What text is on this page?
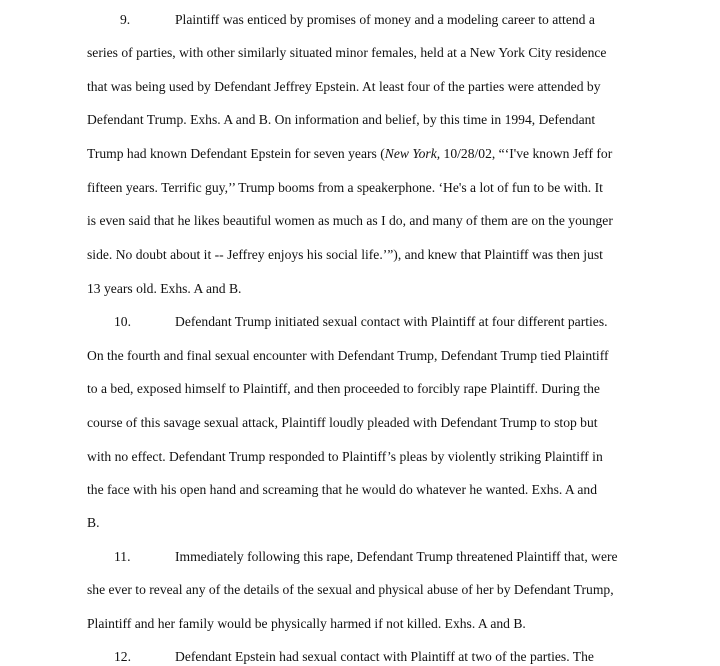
9.	Plaintiff was enticed by promises of money and a modeling career to attend a
series of parties, with other similarly situated minor females, held at a New York City residence
that was being used by Defendant Jeffrey Epstein. At least four of the parties were attended by
Defendant Trump. Exhs. A and B. On information and belief, by this time in 1994, Defendant
Trump had known Defendant Epstein for seven years (New York, 10/28/02, “‘I've known Jeff for
fifteen years. Terrific guy,’’ Trump booms from a speakerphone. ‘He's a lot of fun to be with. It
is even said that he likes beautiful women as much as I do, and many of them are on the younger
side. No doubt about it -- Jeffrey enjoys his social life.’”), and knew that Plaintiff was then just
13 years old. Exhs. A and B.
10.	Defendant Trump initiated sexual contact with Plaintiff at four different parties.
On the fourth and final sexual encounter with Defendant Trump, Defendant Trump tied Plaintiff
to a bed, exposed himself to Plaintiff, and then proceeded to forcibly rape Plaintiff. During the
course of this savage sexual attack, Plaintiff loudly pleaded with Defendant Trump to stop but
with no effect. Defendant Trump responded to Plaintiff’s pleas by violently striking Plaintiff in
the face with his open hand and screaming that he would do whatever he wanted. Exhs. A and
B.
11.	Immediately following this rape, Defendant Trump threatened Plaintiff that, were
she ever to reveal any of the details of the sexual and physical abuse of her by Defendant Trump,
Plaintiff and her family would be physically harmed if not killed. Exhs. A and B.
12.	Defendant Epstein had sexual contact with Plaintiff at two of the parties. The
